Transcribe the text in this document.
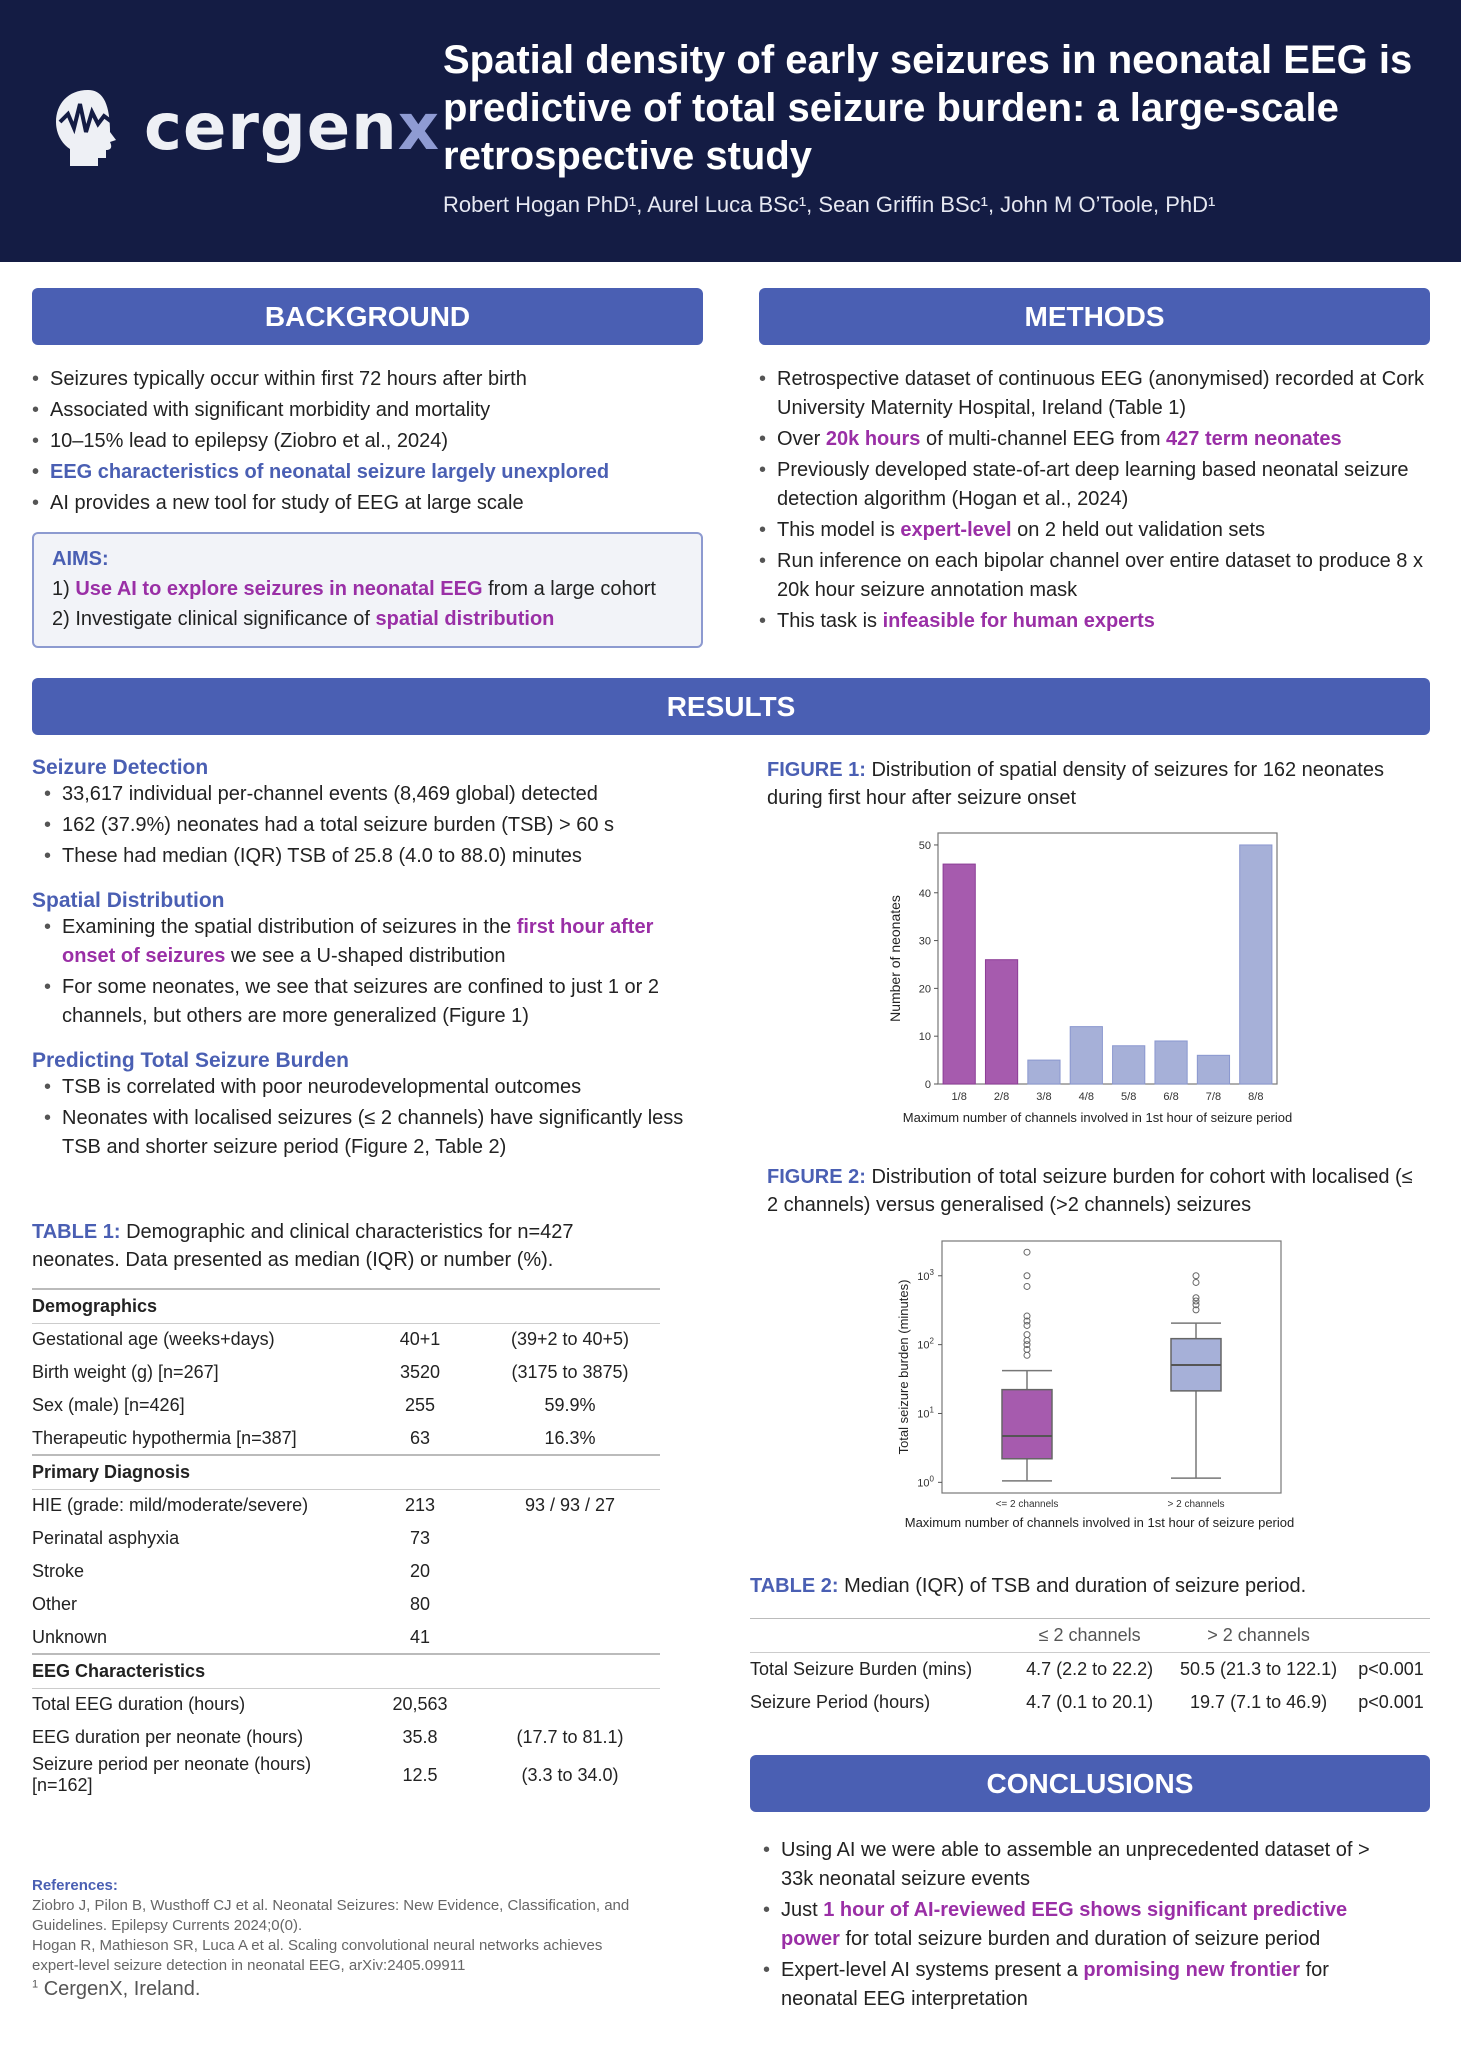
cergenx
Spatial density of early seizures in neonatal EEG is predictive of total seizure burden: a large-scale retrospective study
Robert Hogan PhD¹, Aurel Luca BSc¹, Sean Griffin BSc¹, John M O’Toole, PhD¹
BACKGROUND	METHODS
• Seizures typically occur within first 72 hours after birth
• Associated with significant morbidity and mortality
• 10–15% lead to epilepsy (Ziobro et al., 2024)
• EEG characteristics of neonatal seizure largely unexplored
• AI provides a new tool for study of EEG at large scale
AIMS:
1) Use AI to explore seizures in neonatal EEG from a large cohort
2) Investigate clinical significance of spatial distribution
• Retrospective dataset of continuous EEG (anonymised) recorded at Cork University Maternity Hospital, Ireland (Table 1)
• Over 20k hours of multi-channel EEG from 427 term neonates
• Previously developed state-of-art deep learning based neonatal seizure detection algorithm (Hogan et al., 2024)
• This model is expert-level on 2 held out validation sets
• Run inference on each bipolar channel over entire dataset to produce 8 x 20k hour seizure annotation mask
• This task is infeasible for human experts
RESULTS
Seizure Detection
• 33,617 individual per-channel events (8,469 global) detected
• 162 (37.9%) neonates had a total seizure burden (TSB) > 60 s
• These had median (IQR) TSB of 25.8 (4.0 to 88.0) minutes
Spatial Distribution
• Examining the spatial distribution of seizures in the first hour after onset of seizures we see a U-shaped distribution
• For some neonates, we see that seizures are confined to just 1 or 2 channels, but others are more generalized (Figure 1)
Predicting Total Seizure Burden
• TSB is correlated with poor neurodevelopmental outcomes
• Neonates with localised seizures (≤ 2 channels) have significantly less TSB and shorter seizure period (Figure 2, Table 2)
TABLE 1: Demographic and clinical characteristics for n=427 neonates. Data presented as median (IQR) or number (%).
Demographics		
Gestational age (weeks+days)	40+1	(39+2 to 40+5)
Birth weight (g) [n=267]	3520	(3175 to 3875)
Sex (male) [n=426]	255	59.9%
Therapeutic hypothermia [n=387]	63	16.3%
Primary Diagnosis		
HIE (grade: mild/moderate/severe)	213	93 / 93 / 27
Perinatal asphyxia	73	
Stroke	20	
Other	80	
Unknown	41	
EEG Characteristics		
Total EEG duration (hours)	20,563	
EEG duration per neonate (hours)	35.8	(17.7 to 81.1)
Seizure period per neonate (hours) [n=162]	12.5	(3.3 to 34.0)
References:
Ziobro J, Pilon B, Wusthoff CJ et al. Neonatal Seizures: New Evidence, Classification, and Guidelines. Epilepsy Currents 2024;0(0).
Hogan R, Mathieson SR, Luca A et al. Scaling convolutional neural networks achieves expert-level seizure detection in neonatal EEG, arXiv:2405.09911
$^1$ CergenX, Ireland.
FIGURE 1: Distribution of spatial density of seizures for 162 neonates during first hour after seizure onset
0
10
20
30
40
50
1/8 2/8 3/8 4/8 5/8 6/8 7/8 8/8
Maximum number of channels involved in 1st hour of seizure period
Number of neonates
FIGURE 2: Distribution of total seizure burden for cohort with localised (≤ 2 channels) versus generalised (>2 channels) seizures
$10^0$
$10^1$
$10^2$
$10^3$
<= 2 channels	> 2 channels
Maximum number of channels involved in 1st hour of seizure period
Total seizure burden (minutes)
TABLE 2: Median (IQR) of TSB and duration of seizure period.
	≤ 2 channels	> 2 channels	
Total Seizure Burden (mins)	4.7 (2.2 to 22.2)	50.5 (21.3 to 122.1)	p<0.001
Seizure Period (hours)	4.7 (0.1 to 20.1)	19.7 (7.1 to 46.9)	p<0.001
CONCLUSIONS
• Using AI we were able to assemble an unprecedented dataset of > 33k neonatal seizure events
• Just 1 hour of AI-reviewed EEG shows significant predictive power for total seizure burden and duration of seizure period
• Expert-level AI systems present a promising new frontier for neonatal EEG interpretation
